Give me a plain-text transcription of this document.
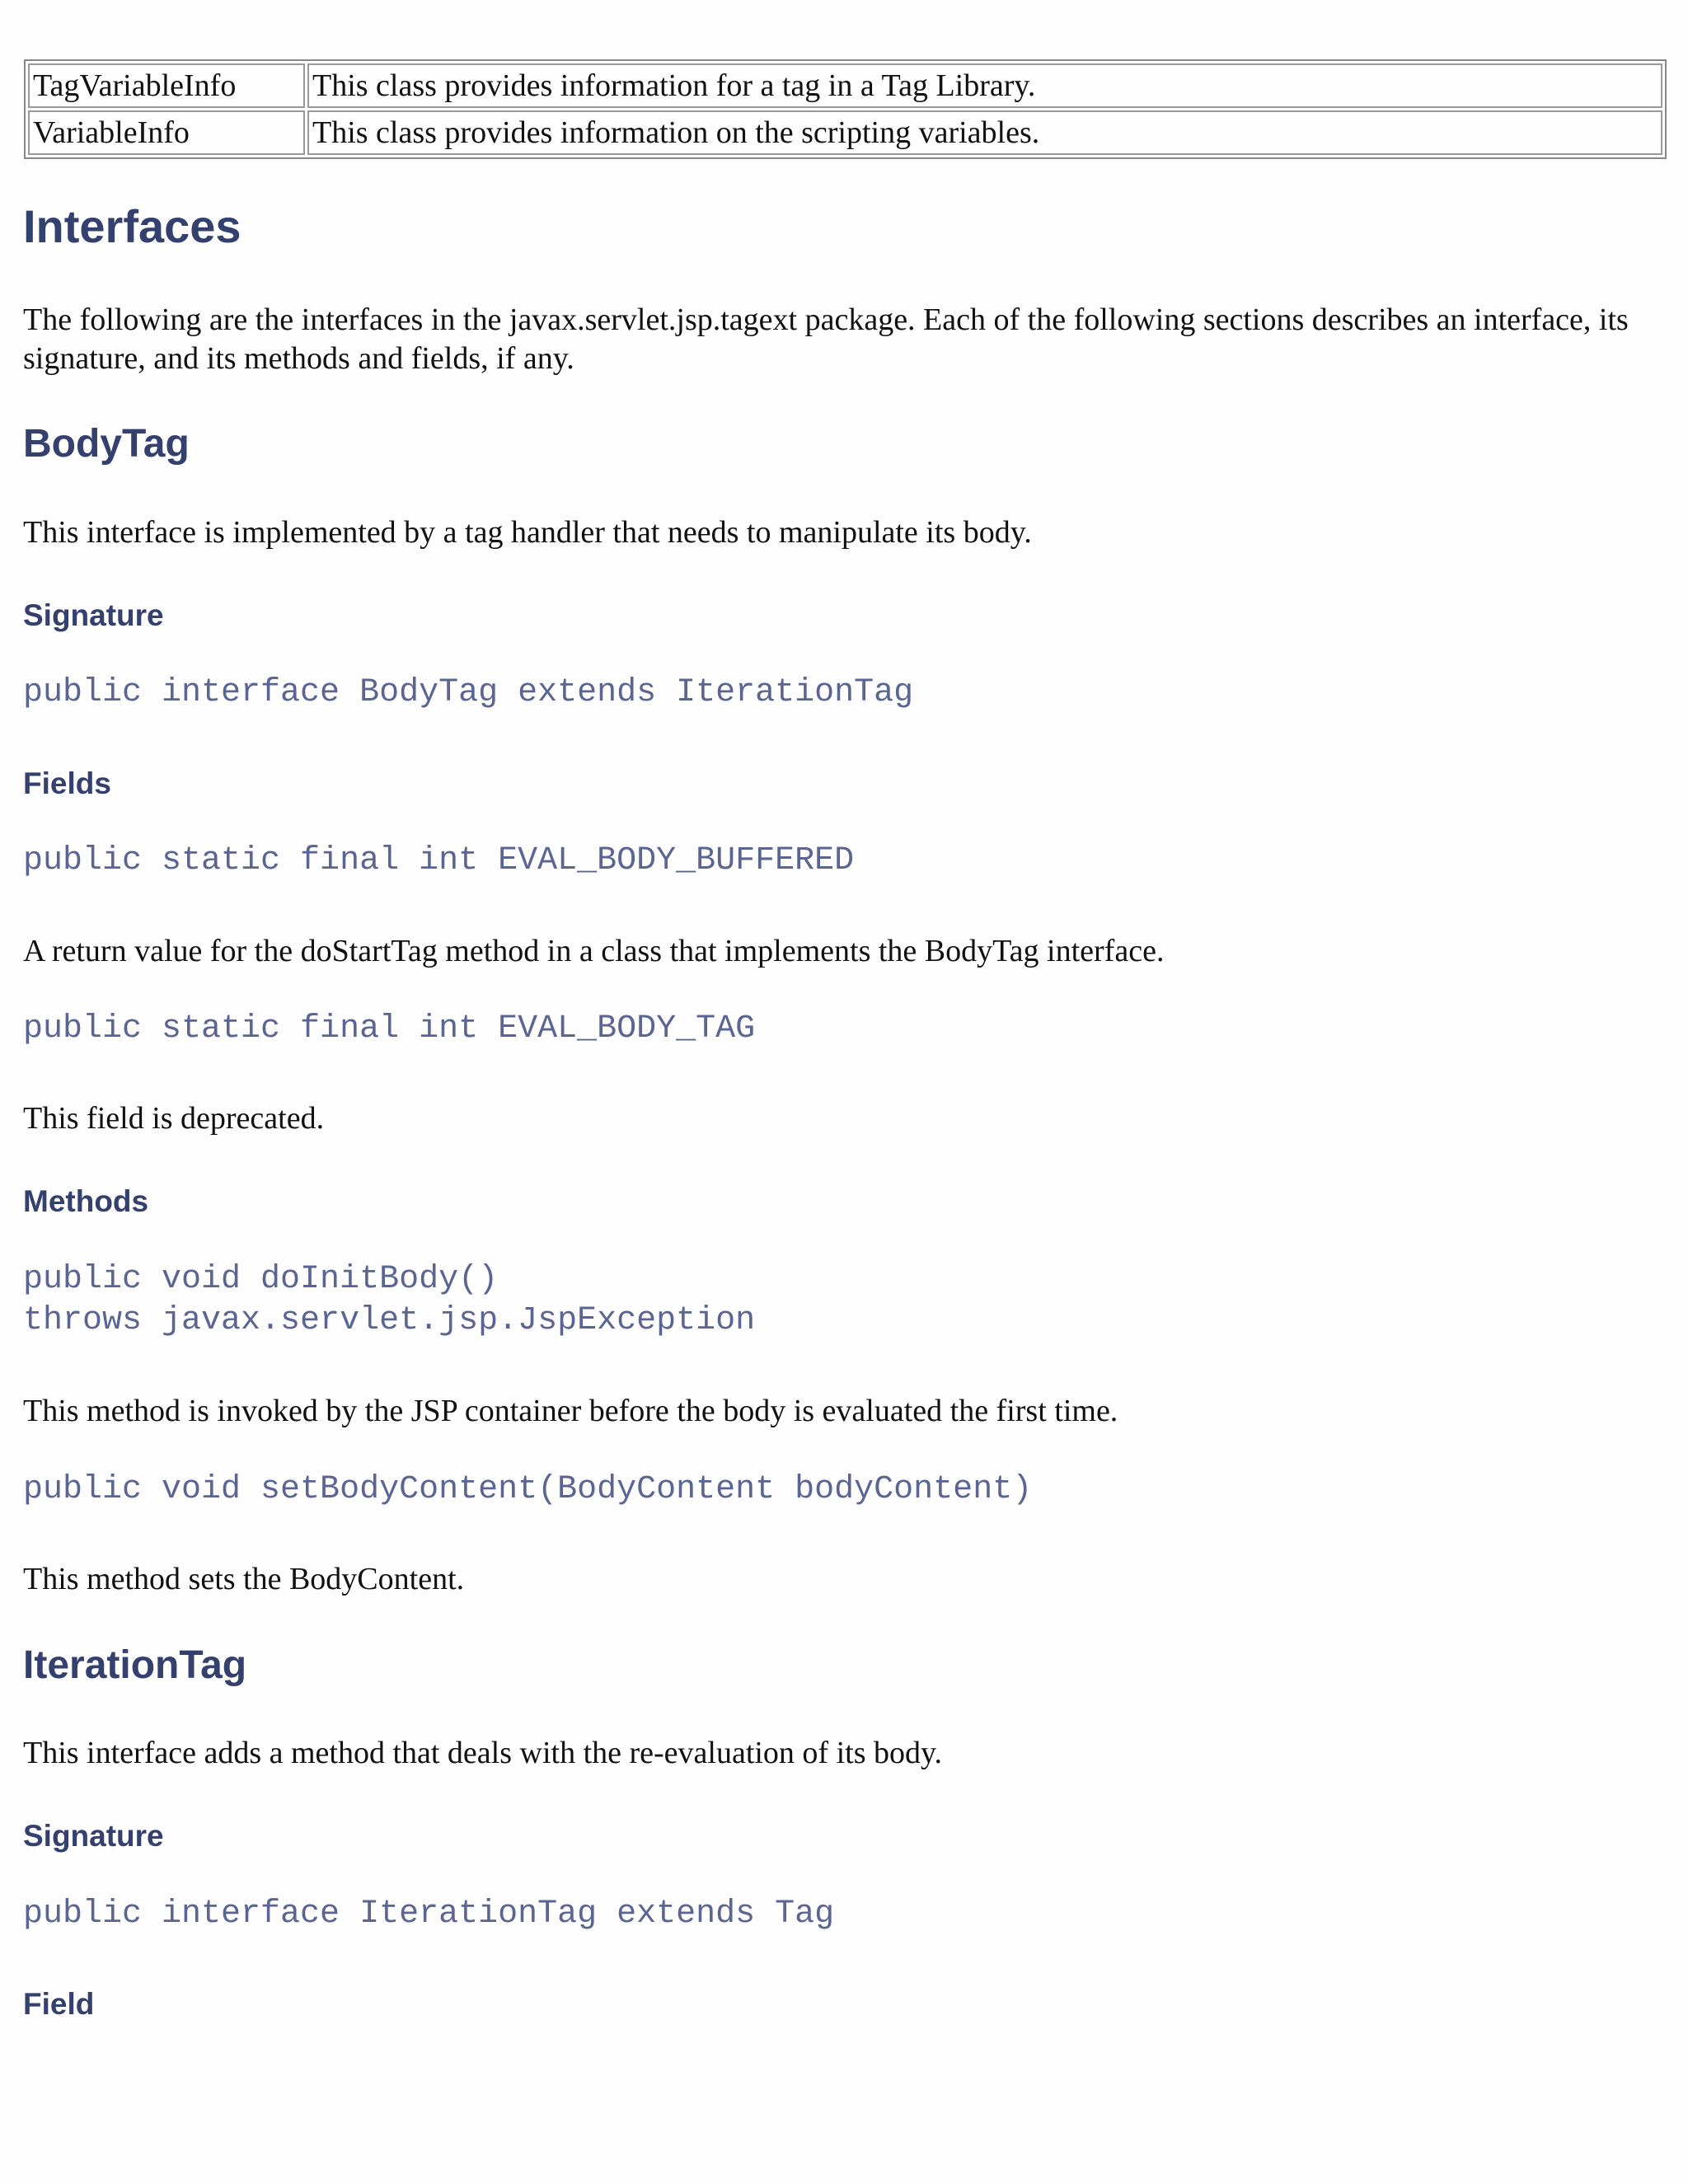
TagVariableInfo	This class provides information for a tag in a Tag Library.
VariableInfo	This class provides information on the scripting variables.
Interfaces

The following are the interfaces in the javax.servlet.jsp.tagext package. Each of the following sections describes an interface, its signature, and its methods and fields, if any.

BodyTag

This interface is implemented by a tag handler that needs to manipulate its body.

Signature
public interface BodyTag extends IterationTag
Fields
public static final int EVAL_BODY_BUFFERED

A return value for the doStartTag method in a class that implements the BodyTag interface.

public static final int EVAL_BODY_TAG

This field is deprecated.

Methods
public void doInitBody()
throws javax.servlet.jsp.JspException

This method is invoked by the JSP container before the body is evaluated the first time.

public void setBodyContent(BodyContent bodyContent)

This method sets the BodyContent.

IterationTag

This interface adds a method that deals with the re-evaluation of its body.

Signature
public interface IterationTag extends Tag
Field
